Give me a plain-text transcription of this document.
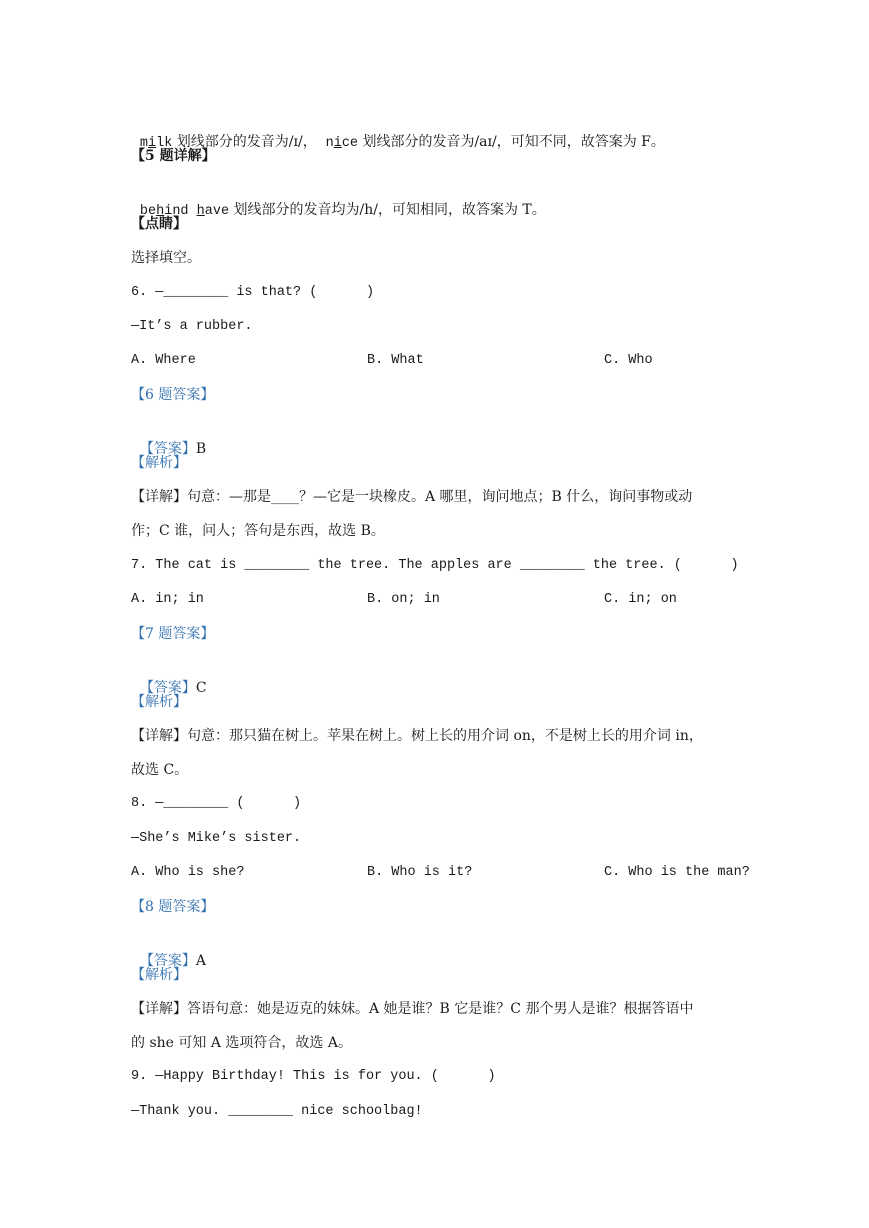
milk 划线部分的发音为/ɪ/，  nice 划线部分的发音为/aɪ/，可知不同，故答案为 F。

【5 题详解】

behind have 划线部分的发音均为/h/，可知相同，故答案为 T。

【点睛】
选择填空。
6. —________ is that? (      )
—It’s a rubber.
A. Where	B. What	C. Who
【6 题答案】

【答案】B

【解析】
【详解】句意：—那是____？—它是一块橡皮。A 哪里，询问地点；B 什么，询问事物或动
作；C 谁，问人；答句是东西，故选 B。
7. The cat is ________ the tree. The apples are ________ the tree. (      )
A. in; in	B. on; in	C. in; on
【7 题答案】

【答案】C

【解析】
【详解】句意：那只猫在树上。苹果在树上。树上长的用介词 on，不是树上长的用介词 in，
故选 C。
8. —________ (      )
—She’s Mike’s sister.
A. Who is she?	B. Who is it?	C. Who is the man?
【8 题答案】

【答案】A

【解析】
【详解】答语句意：她是迈克的妹妹。A 她是谁？B 它是谁？C 那个男人是谁？根据答语中
的 she 可知 A 选项符合，故选 A。
9. —Happy Birthday! This is for you. (      )
—Thank you. ________ nice schoolbag!
